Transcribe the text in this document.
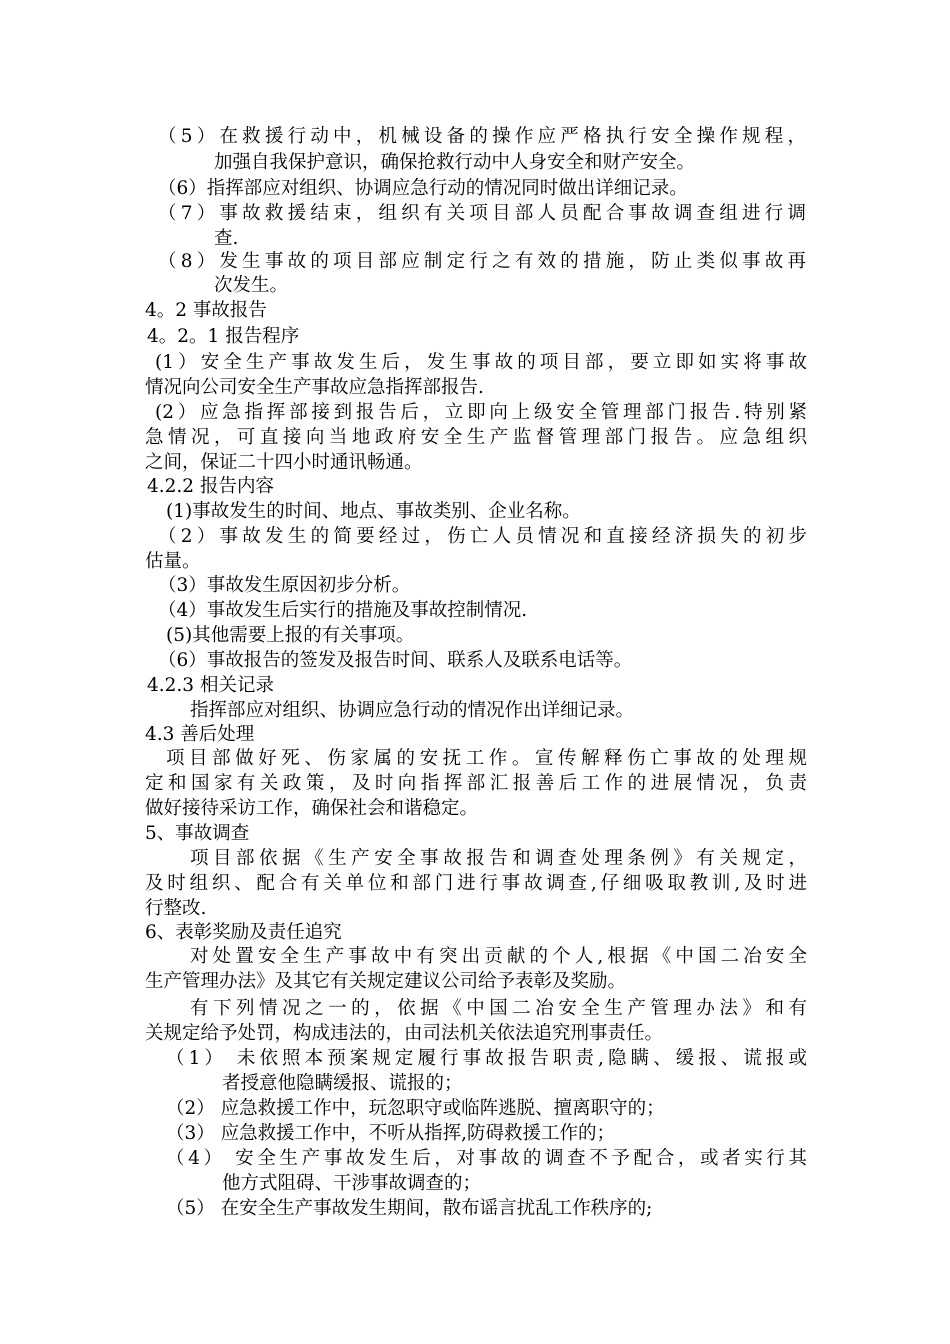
（5）在救援行动中，机械设备的操作应严格执行安全操作规程，
加强自我保护意识，确保抢救行动中人身安全和财产安全。
（6）指挥部应对组织、协调应急行动的情况同时做出详细记录。
（7）事故救援结束，组织有关项目部人员配合事故调查组进行调
查.
（8）发生事故的项目部应制定行之有效的措施，防止类似事故再
次发生。
4。2 事故报告
4。2。1 报告程序
(1）安全生产事故发生后，发生事故的项目部，要立即如实将事故
情况向公司安全生产事故应急指挥部报告.
(2）应急指挥部接到报告后，立即向上级安全管理部门报告.特别紧
急情况，可直接向当地政府安全生产监督管理部门报告。应急组织
之间，保证二十四小时通讯畅通。
4.2.2 报告内容
(1)事故发生的时间、地点、事故类别、企业名称。
（2）事故发生的简要经过，伤亡人员情况和直接经济损失的初步
估量。
（3）事故发生原因初步分析。
（4）事故发生后实行的措施及事故控制情况.
(5)其他需要上报的有关事项。
（6）事故报告的签发及报告时间、联系人及联系电话等。
4.2.3 相关记录
指挥部应对组织、协调应急行动的情况作出详细记录。
4.3 善后处理
项目部做好死、伤家属的安抚工作。宣传解释伤亡事故的处理规
定和国家有关政策，及时向指挥部汇报善后工作的进展情况，负责
做好接待采访工作，确保社会和谐稳定。
5、事故调查
项目部依据《生产安全事故报告和调查处理条例》有关规定，
及时组织、配合有关单位和部门进行事故调查,仔细吸取教训,及时进
行整改.
6、表彰奖励及责任追究
对处置安全生产事故中有突出贡献的个人,根据《中国二冶安全
生产管理办法》及其它有关规定建议公司给予表彰及奖励。
有下列情况之一的，依据《中国二冶安全生产管理办法》和有
关规定给予处罚，构成违法的，由司法机关依法追究刑事责任。
（1） 未依照本预案规定履行事故报告职责,隐瞒、缓报、谎报或
者授意他隐瞒缓报、谎报的；
（2） 应急救援工作中，玩忽职守或临阵逃脱、擅离职守的；
（3） 应急救援工作中，不听从指挥,防碍救援工作的；
（4） 安全生产事故发生后，对事故的调查不予配合，或者实行其
他方式阻碍、干涉事故调查的；
（5） 在安全生产事故发生期间，散布谣言扰乱工作秩序的;
